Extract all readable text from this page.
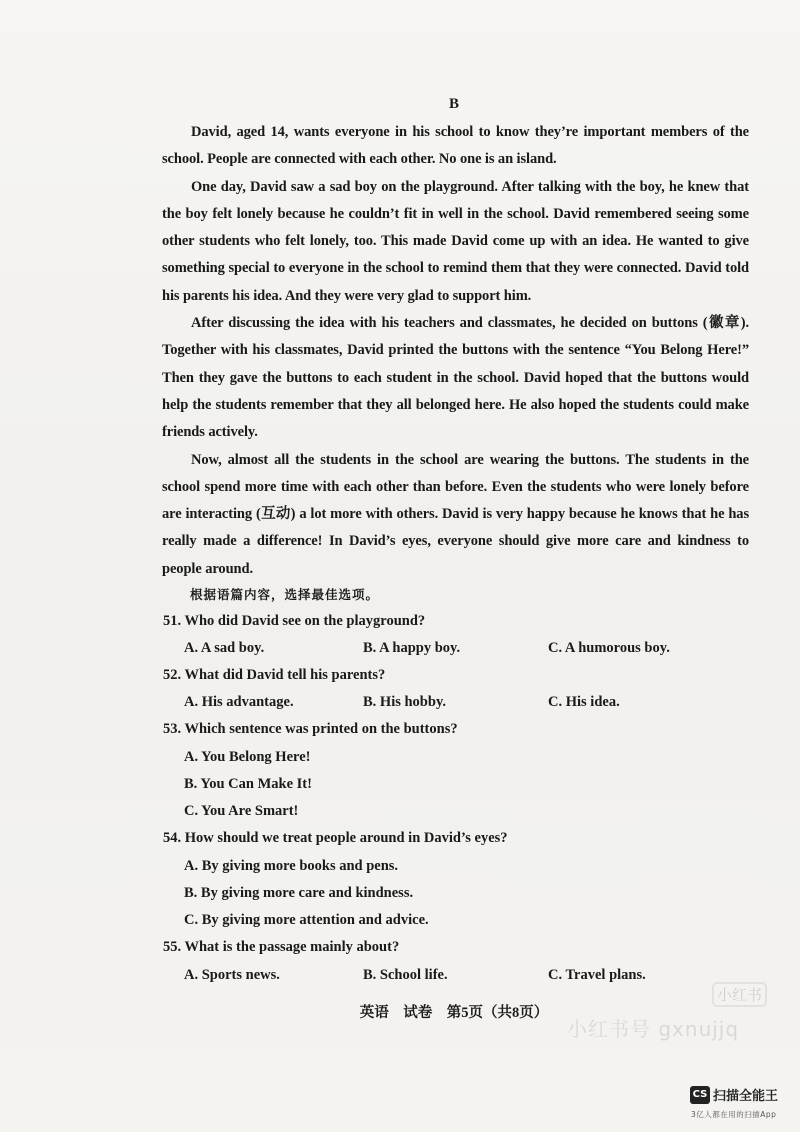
B

David, aged 14, wants everyone in his school to know they’re important members of the school. People are connected with each other. No one is an island.

One day, David saw a sad boy on the playground. After talking with the boy, he knew that the boy felt lonely because he couldn’t fit in well in the school. David remembered seeing some other students who felt lonely, too. This made David come up with an idea. He wanted to give something special to everyone in the school to remind them that they were connected. David told his parents his idea. And they were very glad to support him.

After discussing the idea with his teachers and classmates, he decided on buttons (徽章). Together with his classmates, David printed the buttons with the sentence “You Belong Here!” Then they gave the buttons to each student in the school. David hoped that the buttons would help the students remember that they all belonged here. He also hoped the students could make friends actively.

Now, almost all the students in the school are wearing the buttons. The students in the school spend more time with each other than before. Even the students who were lonely before are interacting (互动) a lot more with others. David is very happy because he knows that he has really made a difference! In David’s eyes, everyone should give more care and kindness to people around.

根据语篇内容，选择最佳选项。
51. Who did David see on the playground?
A. A sad boy.	B. A happy boy.	C. A humorous boy.
52. What did David tell his parents?
A. His advantage.	B. His hobby.	C. His idea.
53. Which sentence was printed on the buttons?
A. You Belong Here!
B. You Can Make It!
C. You Are Smart!
54. How should we treat people around in David’s eyes?
A. By giving more books and pens.
B. By giving more care and kindness.
C. By giving more attention and advice.
55. What is the passage mainly about?
A. Sports news.	B. School life.	C. Travel plans.
英语　试卷　第5页（共8页）
小红书
小红书号 gxnujjq
CS 扫描全能王
3亿人都在用的扫描App
